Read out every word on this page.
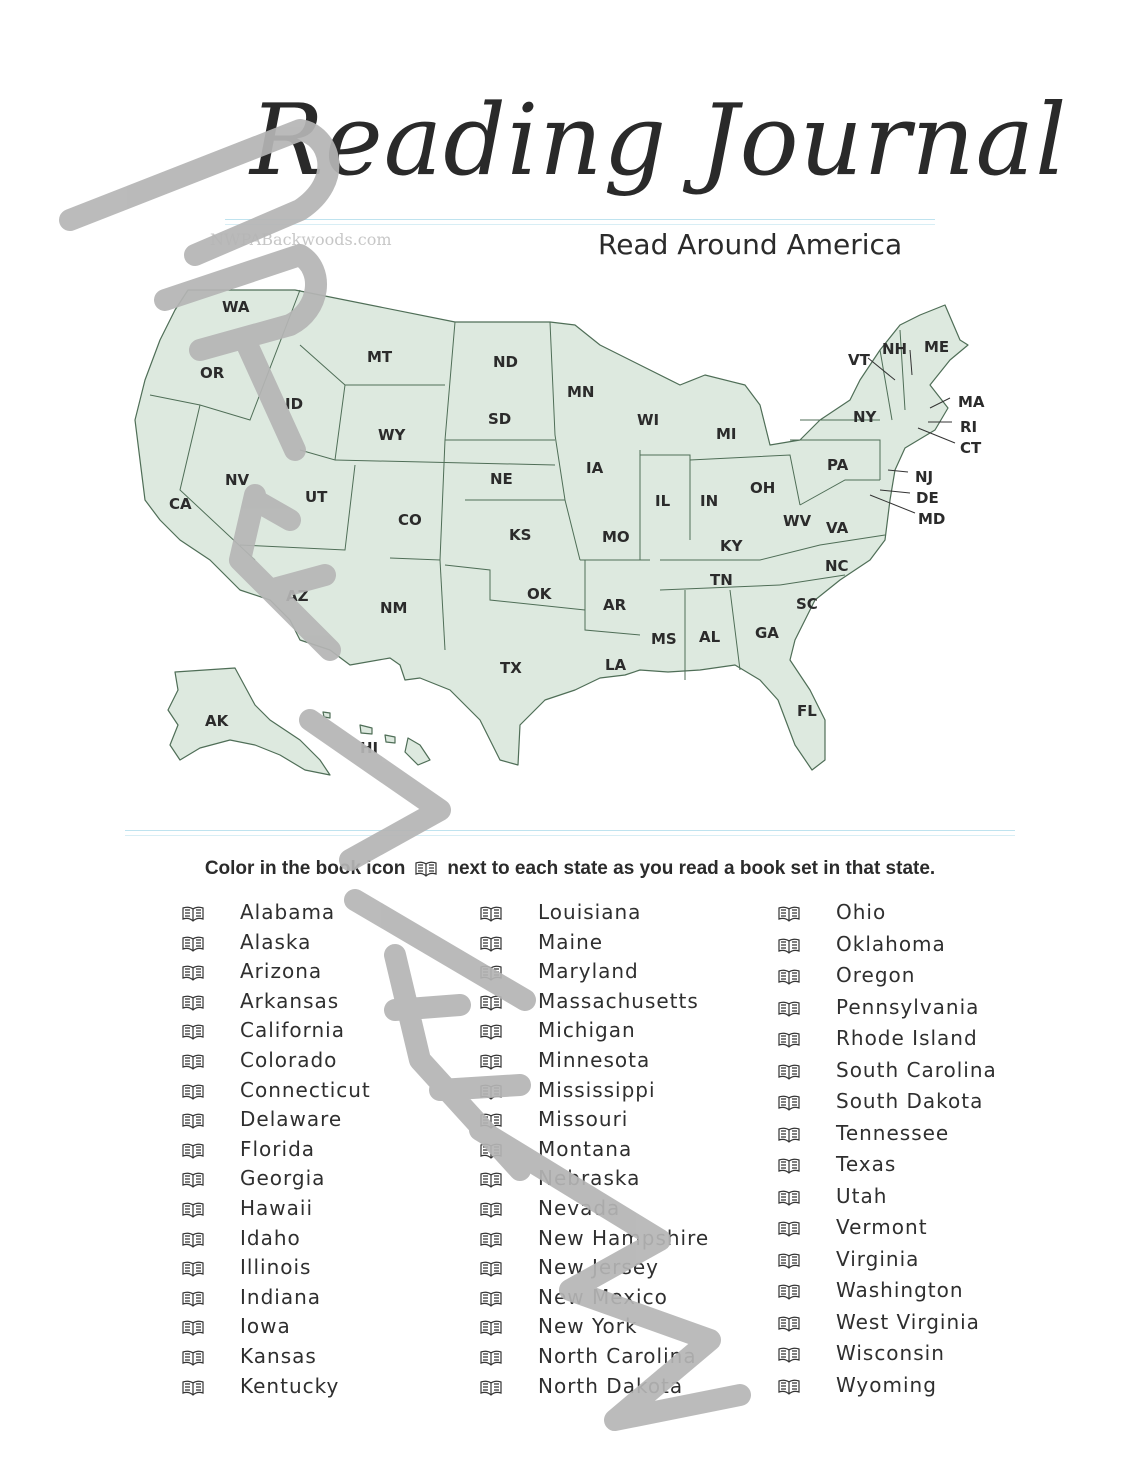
Reading Journal
NWPABackwoods.com	Read Around America
WA
OR
ID
MT	ND
MN
VT
NH ME
MA
RI
CT
NY
WI
MI
SD
WY
NV
CA	UT
CO
NE
IA
IL IN
OH
PA
NJ
DE
MD
WV VA
KS	MO	KY
NC
TN
OK
AR	SC
AZ
NM
TX
MS AL GA
LA
FL
AK
HI
Color in the book icon next to each state as you read a book set in that state.
Alabama
Alaska
Arizona
Arkansas
California
Colorado
Connecticut
Delaware
Florida
Georgia
Hawaii
Idaho
Illinois
Indiana
Iowa
Kansas
Kentucky
Louisiana
Maine
Maryland
Massachusetts
Michigan
Minnesota
Mississippi
Missouri
Montana
Nebraska
Nevada
New Hampshire
New Jersey
New Mexico
New York
North Carolina
North Dakota
Ohio
Oklahoma
Oregon
Pennsylvania
Rhode Island
South Carolina
South Dakota
Tennessee
Texas
Utah
Vermont
Virginia
Washington
West Virginia
Wisconsin
Wyoming
